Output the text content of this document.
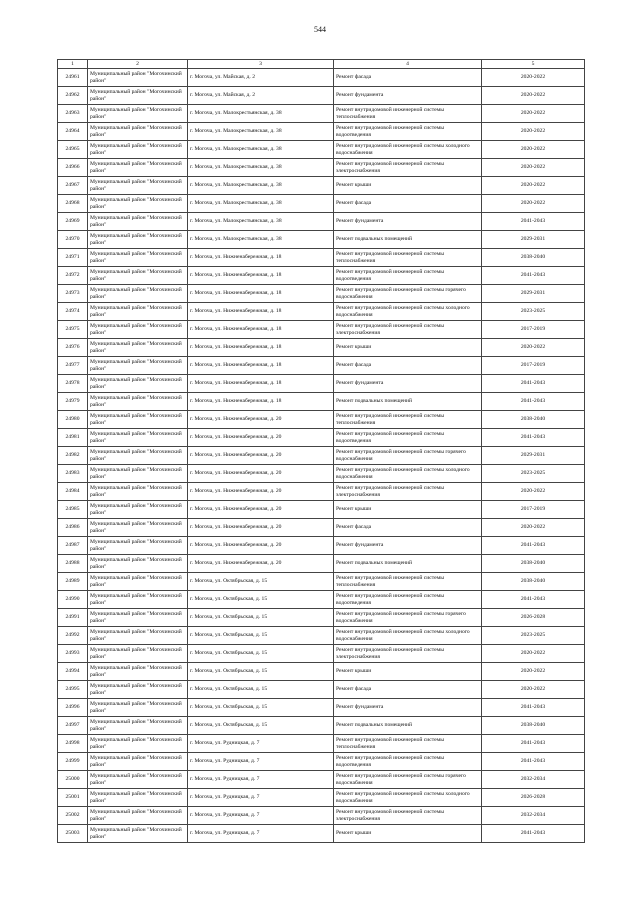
544
1	2	3	4	5
24961	Муниципальный район "Могочинский район"	г. Могоча, ул. Майская, д. 2	Ремонт фасада	2020-2022
24962	Муниципальный район "Могочинский район"	г. Могоча, ул. Майская, д. 2	Ремонт фундамента	2020-2022
24963	Муниципальный район "Могочинский район"	г. Могоча, ул. Малокрестьянская, д. 38	Ремонт внутридомовой инженерной системы теплоснабжения	2020-2022
24964	Муниципальный район "Могочинский район"	г. Могоча, ул. Малокрестьянская, д. 38	Ремонт внутридомовой инженерной системы водоотведения	2020-2022
24965	Муниципальный район "Могочинский район"	г. Могоча, ул. Малокрестьянская, д. 38	Ремонт внутридомовой инженерной системы холодного водоснабжения	2020-2022
24966	Муниципальный район "Могочинский район"	г. Могоча, ул. Малокрестьянская, д. 38	Ремонт внутридомовой инженерной системы электроснабжения	2020-2022
24967	Муниципальный район "Могочинский район"	г. Могоча, ул. Малокрестьянская, д. 38	Ремонт крыши	2020-2022
24968	Муниципальный район "Могочинский район"	г. Могоча, ул. Малокрестьянская, д. 38	Ремонт фасада	2020-2022
24969	Муниципальный район "Могочинский район"	г. Могоча, ул. Малокрестьянская, д. 38	Ремонт фундамента	2041-2043
24970	Муниципальный район "Могочинский район"	г. Могоча, ул. Малокрестьянская, д. 38	Ремонт подвальных помещений	2029-2031
24971	Муниципальный район "Могочинский район"	г. Могоча, ул. Нижненабережная, д. 18	Ремонт внутридомовой инженерной системы теплоснабжения	2038-2040
24972	Муниципальный район "Могочинский район"	г. Могоча, ул. Нижненабережная, д. 18	Ремонт внутридомовой инженерной системы водоотведения	2041-2043
24973	Муниципальный район "Могочинский район"	г. Могоча, ул. Нижненабережная, д. 18	Ремонт внутридомовой инженерной системы горячего водоснабжения	2029-2031
24974	Муниципальный район "Могочинский район"	г. Могоча, ул. Нижненабережная, д. 18	Ремонт внутридомовой инженерной системы холодного водоснабжения	2023-2025
24975	Муниципальный район "Могочинский район"	г. Могоча, ул. Нижненабережная, д. 18	Ремонт внутридомовой инженерной системы электроснабжения	2017-2019
24976	Муниципальный район "Могочинский район"	г. Могоча, ул. Нижненабережная, д. 18	Ремонт крыши	2020-2022
24977	Муниципальный район "Могочинский район"	г. Могоча, ул. Нижненабережная, д. 18	Ремонт фасада	2017-2019
24978	Муниципальный район "Могочинский район"	г. Могоча, ул. Нижненабережная, д. 18	Ремонт фундамента	2041-2043
24979	Муниципальный район "Могочинский район"	г. Могоча, ул. Нижненабережная, д. 18	Ремонт подвальных помещений	2041-2043
24980	Муниципальный район "Могочинский район"	г. Могоча, ул. Нижненабережная, д. 20	Ремонт внутридомовой инженерной системы теплоснабжения	2038-2040
24981	Муниципальный район "Могочинский район"	г. Могоча, ул. Нижненабережная, д. 20	Ремонт внутридомовой инженерной системы водоотведения	2041-2043
24982	Муниципальный район "Могочинский район"	г. Могоча, ул. Нижненабережная, д. 20	Ремонт внутридомовой инженерной системы горячего водоснабжения	2029-2031
24983	Муниципальный район "Могочинский район"	г. Могоча, ул. Нижненабережная, д. 20	Ремонт внутридомовой инженерной системы холодного водоснабжения	2023-2025
24984	Муниципальный район "Могочинский район"	г. Могоча, ул. Нижненабережная, д. 20	Ремонт внутридомовой инженерной системы электроснабжения	2020-2022
24985	Муниципальный район "Могочинский район"	г. Могоча, ул. Нижненабережная, д. 20	Ремонт крыши	2017-2019
24986	Муниципальный район "Могочинский район"	г. Могоча, ул. Нижненабережная, д. 20	Ремонт фасада	2020-2022
24987	Муниципальный район "Могочинский район"	г. Могоча, ул. Нижненабережная, д. 20	Ремонт фундамента	2041-2043
24988	Муниципальный район "Могочинский район"	г. Могоча, ул. Нижненабережная, д. 20	Ремонт подвальных помещений	2038-2040
24989	Муниципальный район "Могочинский район"	г. Могоча, ул. Октябрьская, д. 15	Ремонт внутридомовой инженерной системы теплоснабжения	2038-2040
24990	Муниципальный район "Могочинский район"	г. Могоча, ул. Октябрьская, д. 15	Ремонт внутридомовой инженерной системы водоотведения	2041-2043
24991	Муниципальный район "Могочинский район"	г. Могоча, ул. Октябрьская, д. 15	Ремонт внутридомовой инженерной системы горячего водоснабжения	2026-2028
24992	Муниципальный район "Могочинский район"	г. Могоча, ул. Октябрьская, д. 15	Ремонт внутридомовой инженерной системы холодного водоснабжения	2023-2025
24993	Муниципальный район "Могочинский район"	г. Могоча, ул. Октябрьская, д. 15	Ремонт внутридомовой инженерной системы электроснабжения	2020-2022
24994	Муниципальный район "Могочинский район"	г. Могоча, ул. Октябрьская, д. 15	Ремонт крыши	2020-2022
24995	Муниципальный район "Могочинский район"	г. Могоча, ул. Октябрьская, д. 15	Ремонт фасада	2020-2022
24996	Муниципальный район "Могочинский район"	г. Могоча, ул. Октябрьская, д. 15	Ремонт фундамента	2041-2043
24997	Муниципальный район "Могочинский район"	г. Могоча, ул. Октябрьская, д. 15	Ремонт подвальных помещений	2038-2040
24998	Муниципальный район "Могочинский район"	г. Могоча, ул. Рудницкая, д. 7	Ремонт внутридомовой инженерной системы теплоснабжения	2041-2043
24999	Муниципальный район "Могочинский район"	г. Могоча, ул. Рудницкая, д. 7	Ремонт внутридомовой инженерной системы водоотведения	2041-2043
25000	Муниципальный район "Могочинский район"	г. Могоча, ул. Рудницкая, д. 7	Ремонт внутридомовой инженерной системы горячего водоснабжения	2032-2034
25001	Муниципальный район "Могочинский район"	г. Могоча, ул. Рудницкая, д. 7	Ремонт внутридомовой инженерной системы холодного водоснабжения	2026-2028
25002	Муниципальный район "Могочинский район"	г. Могоча, ул. Рудницкая, д. 7	Ремонт внутридомовой инженерной системы электроснабжения	2032-2034
25003	Муниципальный район "Могочинский район"	г. Могоча, ул. Рудницкая, д. 7	Ремонт крыши	2041-2043
